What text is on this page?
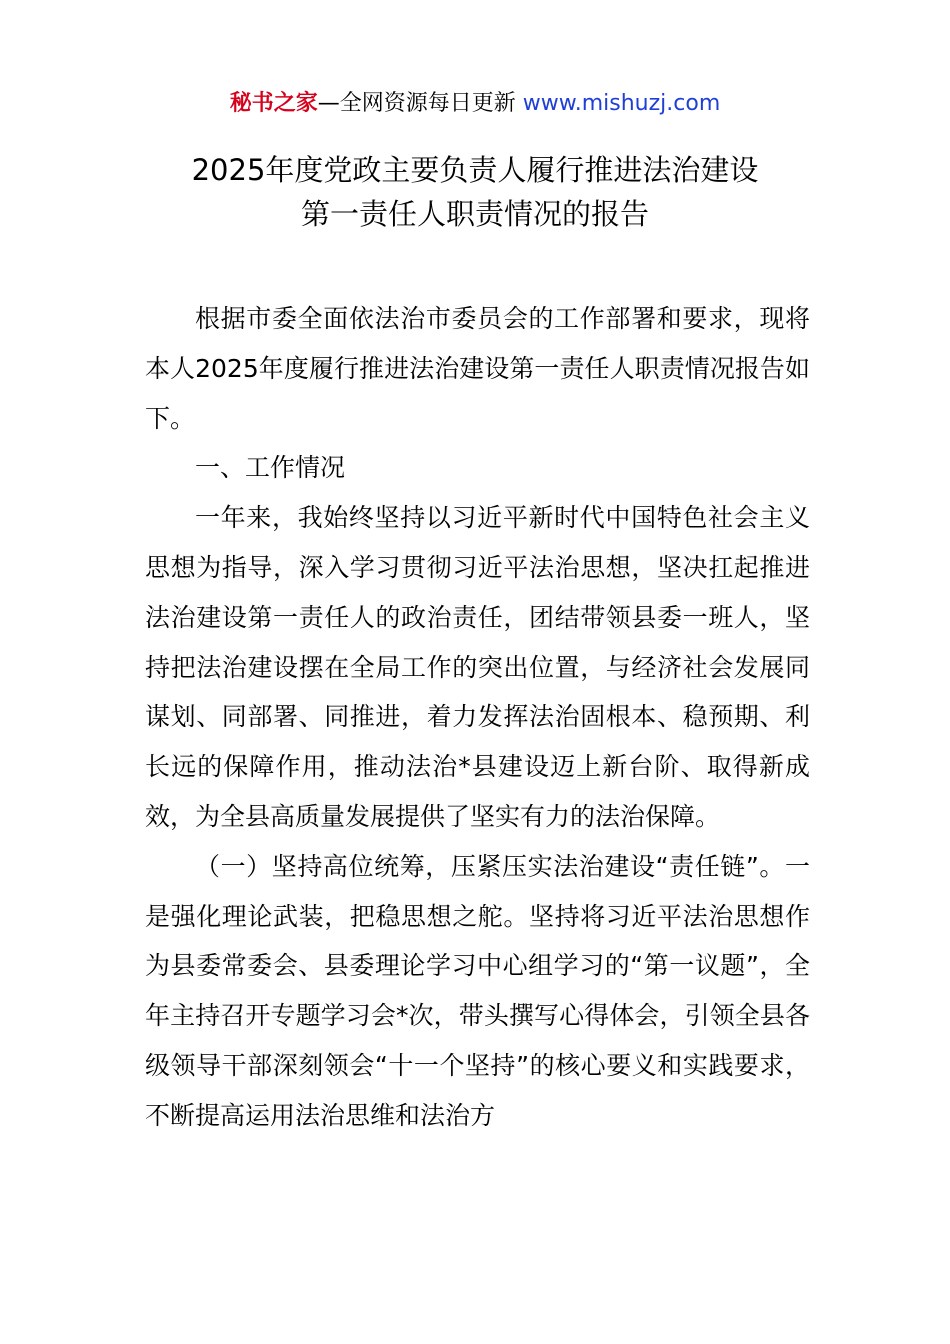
秘书之家—全网资源每日更新 www.mishuzj.com
2025年度党政主要负责人履行推进法治建设
第一责任人职责情况的报告

根据市委全面依法治市委员会的工作部署和要求，现将本人2025年度履行推进法治建设第一责任人职责情况报告如下。

一、工作情况

一年来，我始终坚持以习近平新时代中国特色社会主义思想为指导，深入学习贯彻习近平法治思想，坚决扛起推进法治建设第一责任人的政治责任，团结带领县委一班人，坚持把法治建设摆在全局工作的突出位置，与经济社会发展同谋划、同部署、同推进，着力发挥法治固根本、稳预期、利长远的保障作用，推动法治*县建设迈上新台阶、取得新成效，为全县高质量发展提供了坚实有力的法治保障。

（一）坚持高位统筹，压紧压实法治建设“责任链”。一是强化理论武装，把稳思想之舵。坚持将习近平法治思想作为县委常委会、县委理论学习中心组学习的“第一议题”，全年主持召开专题学习会*次，带头撰写心得体会，引领全县各级领导干部深刻领会“十一个坚持”的核心要义和实践要求，不断提高运用法治思维和法治方
